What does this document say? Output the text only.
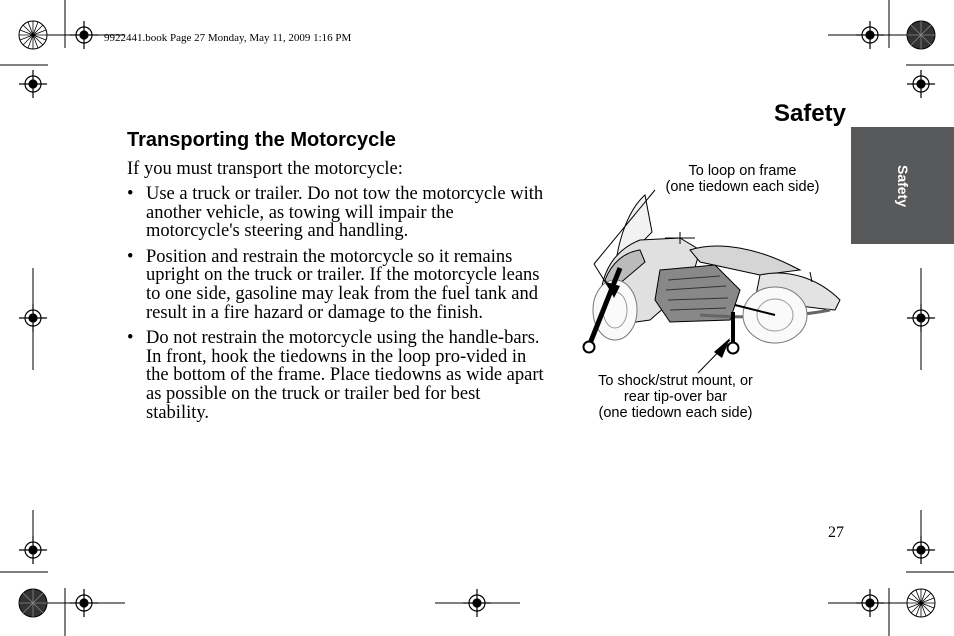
9922441.book Page 27 Monday, May 11, 2009 1:16 PM
Safety
Safety
Transporting the Motorcycle
If you must transport the motorcycle:
• Use a truck or trailer. Do not tow the motorcycle with another vehicle, as towing will impair the motorcycle's steering and handling.
• Position and restrain the motorcycle so it remains upright on the truck or trailer. If the motorcycle leans to one side, gasoline may leak from the fuel tank and result in a fire hazard or damage to the finish.
• Do not restrain the motorcycle using the handle-bars. In front, hook the tiedowns in the loop pro-vided in the bottom of the frame. Place tiedowns as wide apart as possible on the truck or trailer bed for best stability.
To loop on frame
(one tiedown each side)
To shock/strut mount, or
rear tip-over bar
(one tiedown each side)
27
